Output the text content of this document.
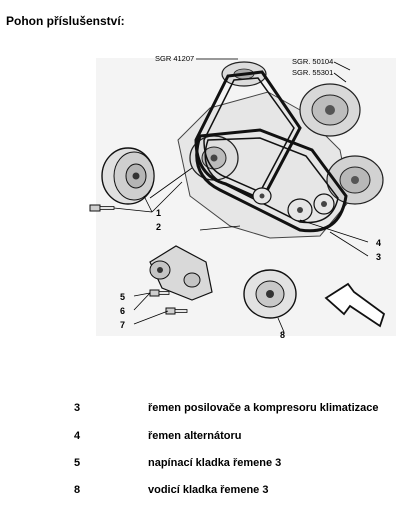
Pohon příslušenství:
SGR 41207	SGR. 50104
SGR. 55301
1
2
4
3
5
6
7
8
3	řemen posilovače a kompresoru klimatizace
4	řemen alternátoru
5	napínací kladka řemene 3
8	vodicí kladka řemene 3
